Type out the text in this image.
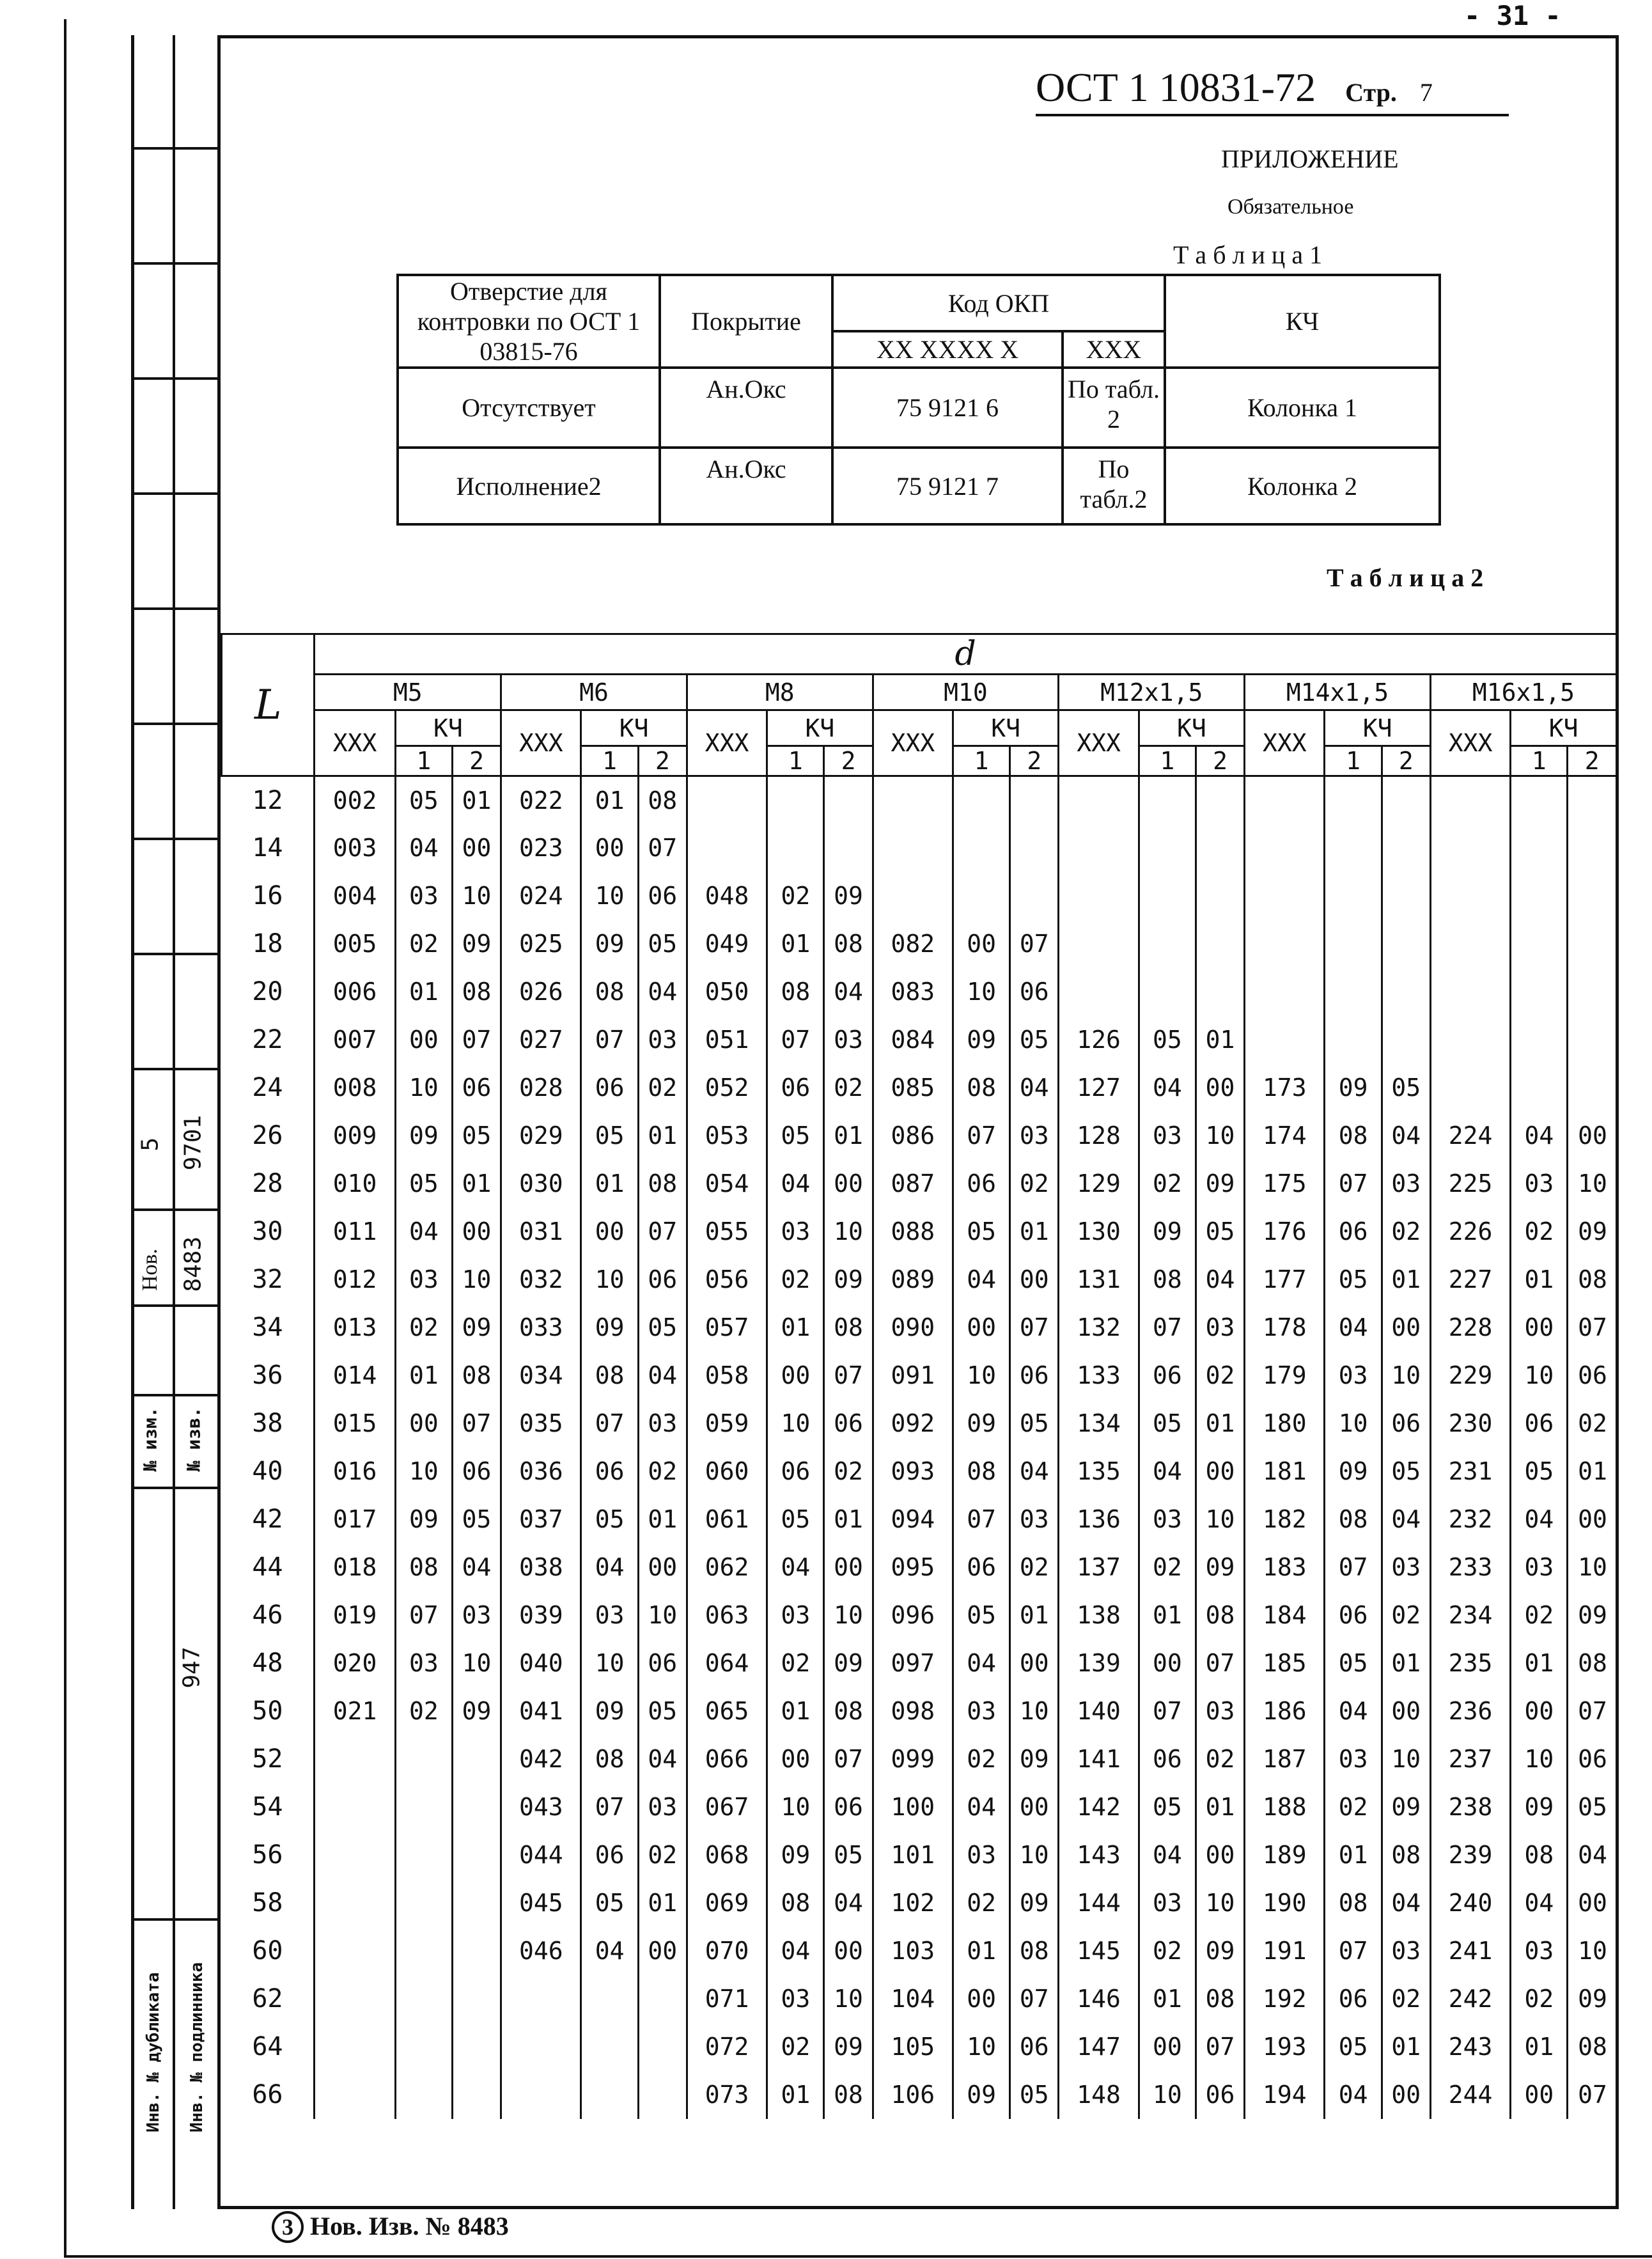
№ изм. № изв.
Нов. 8483
5 9701
947
Инв. № дубликата Инв. № подлинника
- 31 -
ОСТ 1 10831-72 Стр. 7
ПРИЛОЖЕНИЕ
Обязательное
Т а б л и ц а 1
Отверстие для контровки по ОСТ 1 03815-76	Покрытие	Код ОКП		КЧ
		XX XXXX X	XXX	
Отсутствует	Ан.Окс	75 9121 6	По табл. 2	Колонка 1
Исполнение2	Ан.Окс	75 9121 7	По табл.2	Колонка 2
Т а б л и ц а 2
L	d																				
	M5			M6			M8			M10			M12x1,5			M14x1,5			M16x1,5		
	XXX	КЧ		XXX	КЧ		XXX	КЧ		XXX	КЧ		XXX	КЧ		XXX	КЧ		XXX	КЧ	
		1	2		1	2		1	2		1	2		1	2		1	2		1	2
12	002	05	01	022	01	08															
14	003	04	00	023	00	07															
16	004	03	10	024	10	06	048	02	09												
18	005	02	09	025	09	05	049	01	08	082	00	07									
20	006	01	08	026	08	04	050	08	04	083	10	06									
22	007	00	07	027	07	03	051	07	03	084	09	05	126	05	01						
24	008	10	06	028	06	02	052	06	02	085	08	04	127	04	00	173	09	05			
26	009	09	05	029	05	01	053	05	01	086	07	03	128	03	10	174	08	04	224	04	00
28	010	05	01	030	01	08	054	04	00	087	06	02	129	02	09	175	07	03	225	03	10
30	011	04	00	031	00	07	055	03	10	088	05	01	130	09	05	176	06	02	226	02	09
32	012	03	10	032	10	06	056	02	09	089	04	00	131	08	04	177	05	01	227	01	08
34	013	02	09	033	09	05	057	01	08	090	00	07	132	07	03	178	04	00	228	00	07
36	014	01	08	034	08	04	058	00	07	091	10	06	133	06	02	179	03	10	229	10	06
38	015	00	07	035	07	03	059	10	06	092	09	05	134	05	01	180	10	06	230	06	02
40	016	10	06	036	06	02	060	06	02	093	08	04	135	04	00	181	09	05	231	05	01
42	017	09	05	037	05	01	061	05	01	094	07	03	136	03	10	182	08	04	232	04	00
44	018	08	04	038	04	00	062	04	00	095	06	02	137	02	09	183	07	03	233	03	10
46	019	07	03	039	03	10	063	03	10	096	05	01	138	01	08	184	06	02	234	02	09
48	020	03	10	040	10	06	064	02	09	097	04	00	139	00	07	185	05	01	235	01	08
50	021	02	09	041	09	05	065	01	08	098	03	10	140	07	03	186	04	00	236	00	07
52				042	08	04	066	00	07	099	02	09	141	06	02	187	03	10	237	10	06
54				043	07	03	067	10	06	100	04	00	142	05	01	188	02	09	238	09	05
56				044	06	02	068	09	05	101	03	10	143	04	00	189	01	08	239	08	04
58				045	05	01	069	08	04	102	02	09	144	03	10	190	08	04	240	04	00
60				046	04	00	070	04	00	103	01	08	145	02	09	191	07	03	241	03	10
62							071	03	10	104	00	07	146	01	08	192	06	02	242	02	09
64							072	02	09	105	10	06	147	00	07	193	05	01	243	01	08
66							073	01	08	106	09	05	148	10	06	194	04	00	244	00	07
3 Нов. Изв. № 8483
